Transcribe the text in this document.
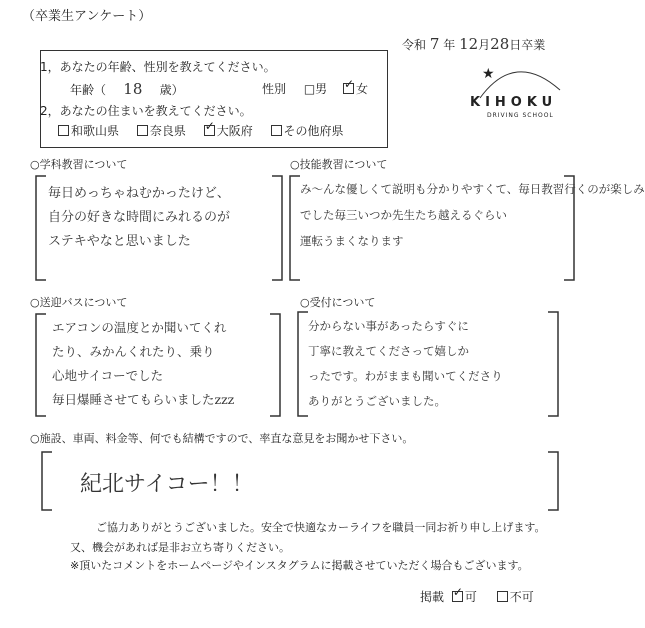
（卒業生アンケート）
令和 7 年 12月28日卒業
1，あなたの年齢、性別を教えてください。
年齢（ 18 歳）	性別 □男 ✓ 女
2，あなたの住まいを教えてください。
和歌山県	奈良県 ✓	大阪府	その他府県
★
KIHOKU
DRIVING SCHOOL
○学科教習について
毎日めっちゃねむかったけど、
自分の好きな時間にみれるのが
ステキやなと思いました
○技能教習について
み～んな優しくて説明も分かりやすくて、毎日教習行くのが楽しみ
でした毎三いつか先生たち越えるぐらい
運転うまくなります
○送迎バスについて
エアコンの温度とか聞いてくれ
たり、みかんくれたり、乗り
心地サイコーでした
毎日爆睡させてもらいましたzzz
○受付について
分からない事があったらすぐに
丁寧に教えてくださって嬉しか
ったです。わがままも聞いてくださり
ありがとうございました。
○施設、車両、料金等、何でも結構ですので、率直な意見をお聞かせ下さい。
紀北サイコー！！
ご協力ありがとうございました。安全で快適なカーライフを職員一同お祈り申し上げます。
又、機会があれば是非お立ち寄りください。
※頂いたコメントをホームページやインスタグラムに掲載させていただく場合もございます。
掲載 ✓ 可	不可
